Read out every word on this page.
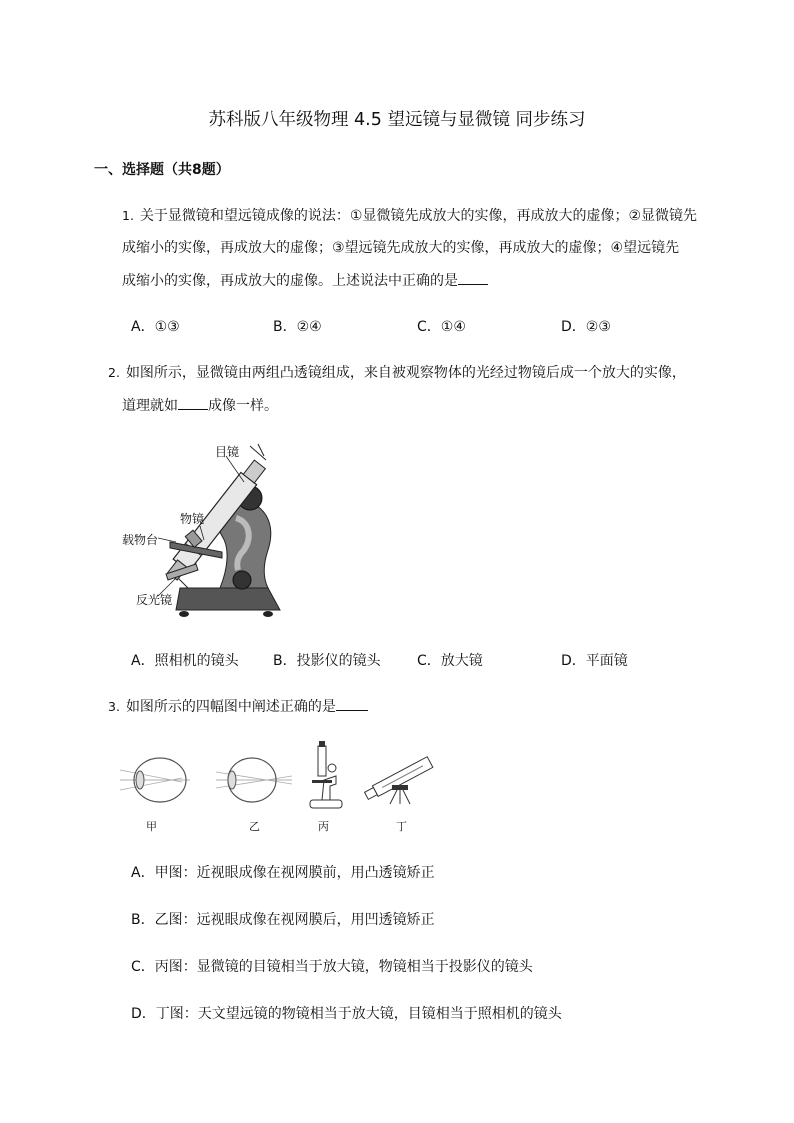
苏科版八年级物理 4.5 望远镜与显微镜 同步练习
一、选择题（共8题）
1. 关于显微镜和望远镜成像的说法：①显微镜先成放大的实像，再成放大的虚像；②显微镜先
成缩小的实像，再成放大的虚像；③望远镜先成放大的实像，再成放大的虚像；④望远镜先
成缩小的实像，再成放大的虚像。上述说法中正确的是
A．①③	B．②④	C．①④	D．②③
2. 如图所示，显微镜由两组凸透镜组成，来自被观察物体的光经过物镜后成一个放大的实像，
道理就如 成像一样。
目镜
物镜
载物台
反光镜
A．照相机的镜头 B．投影仪的镜头	C．放大镜	D．平面镜
3. 如图所示的四幅图中阐述正确的是
甲	乙	丙	丁
A．甲图：近视眼成像在视网膜前，用凸透镜矫正
B．乙图：远视眼成像在视网膜后，用凹透镜矫正
C．丙图：显微镜的目镜相当于放大镜，物镜相当于投影仪的镜头
D．丁图：天文望远镜的物镜相当于放大镜，目镜相当于照相机的镜头
